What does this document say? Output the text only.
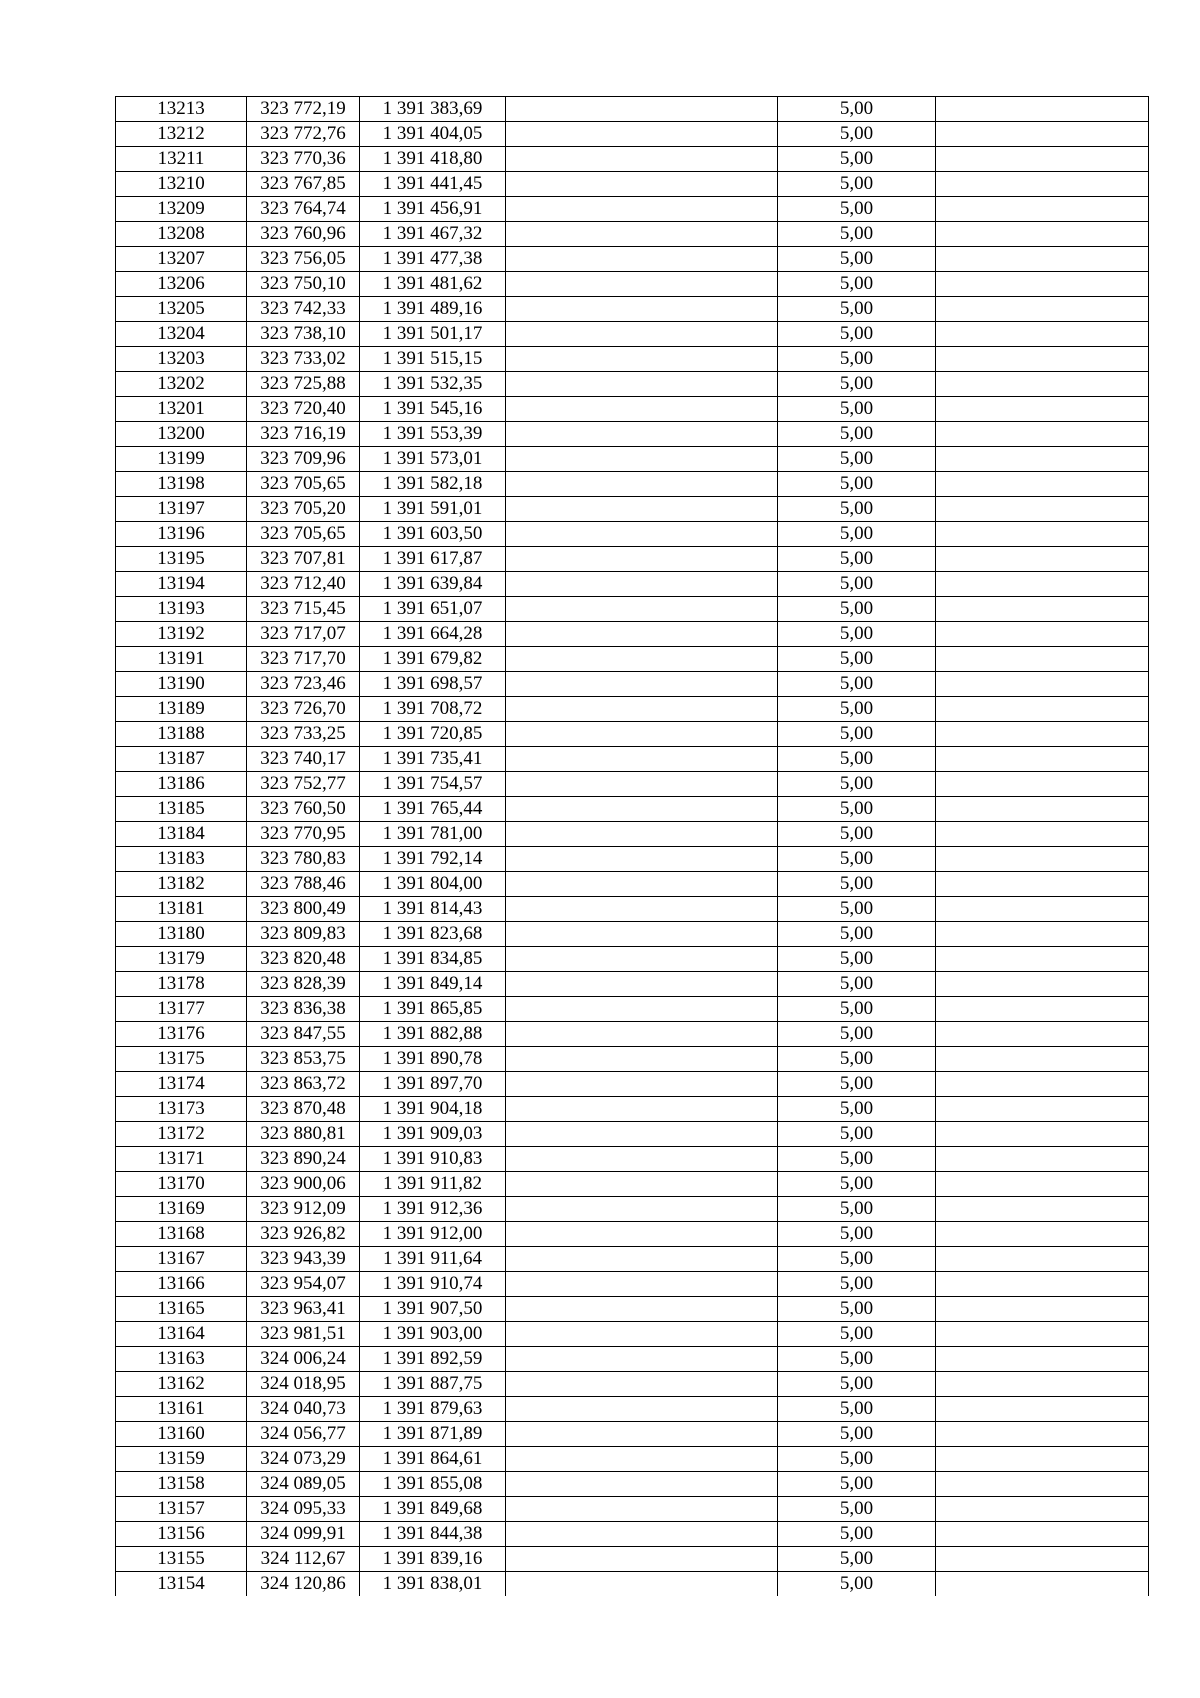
13213	323 772,19	1 391 383,69		5,00	
13212	323 772,76	1 391 404,05		5,00	
13211	323 770,36	1 391 418,80		5,00	
13210	323 767,85	1 391 441,45		5,00	
13209	323 764,74	1 391 456,91		5,00	
13208	323 760,96	1 391 467,32		5,00	
13207	323 756,05	1 391 477,38		5,00	
13206	323 750,10	1 391 481,62		5,00	
13205	323 742,33	1 391 489,16		5,00	
13204	323 738,10	1 391 501,17		5,00	
13203	323 733,02	1 391 515,15		5,00	
13202	323 725,88	1 391 532,35		5,00	
13201	323 720,40	1 391 545,16		5,00	
13200	323 716,19	1 391 553,39		5,00	
13199	323 709,96	1 391 573,01		5,00	
13198	323 705,65	1 391 582,18		5,00	
13197	323 705,20	1 391 591,01		5,00	
13196	323 705,65	1 391 603,50		5,00	
13195	323 707,81	1 391 617,87		5,00	
13194	323 712,40	1 391 639,84		5,00	
13193	323 715,45	1 391 651,07		5,00	
13192	323 717,07	1 391 664,28		5,00	
13191	323 717,70	1 391 679,82		5,00	
13190	323 723,46	1 391 698,57		5,00	
13189	323 726,70	1 391 708,72		5,00	
13188	323 733,25	1 391 720,85		5,00	
13187	323 740,17	1 391 735,41		5,00	
13186	323 752,77	1 391 754,57		5,00	
13185	323 760,50	1 391 765,44		5,00	
13184	323 770,95	1 391 781,00		5,00	
13183	323 780,83	1 391 792,14		5,00	
13182	323 788,46	1 391 804,00		5,00	
13181	323 800,49	1 391 814,43		5,00	
13180	323 809,83	1 391 823,68		5,00	
13179	323 820,48	1 391 834,85		5,00	
13178	323 828,39	1 391 849,14		5,00	
13177	323 836,38	1 391 865,85		5,00	
13176	323 847,55	1 391 882,88		5,00	
13175	323 853,75	1 391 890,78		5,00	
13174	323 863,72	1 391 897,70		5,00	
13173	323 870,48	1 391 904,18		5,00	
13172	323 880,81	1 391 909,03		5,00	
13171	323 890,24	1 391 910,83		5,00	
13170	323 900,06	1 391 911,82		5,00	
13169	323 912,09	1 391 912,36		5,00	
13168	323 926,82	1 391 912,00		5,00	
13167	323 943,39	1 391 911,64		5,00	
13166	323 954,07	1 391 910,74		5,00	
13165	323 963,41	1 391 907,50		5,00	
13164	323 981,51	1 391 903,00		5,00	
13163	324 006,24	1 391 892,59		5,00	
13162	324 018,95	1 391 887,75		5,00	
13161	324 040,73	1 391 879,63		5,00	
13160	324 056,77	1 391 871,89		5,00	
13159	324 073,29	1 391 864,61		5,00	
13158	324 089,05	1 391 855,08		5,00	
13157	324 095,33	1 391 849,68		5,00	
13156	324 099,91	1 391 844,38		5,00	
13155	324 112,67	1 391 839,16		5,00	
13154	324 120,86	1 391 838,01		5,00	
